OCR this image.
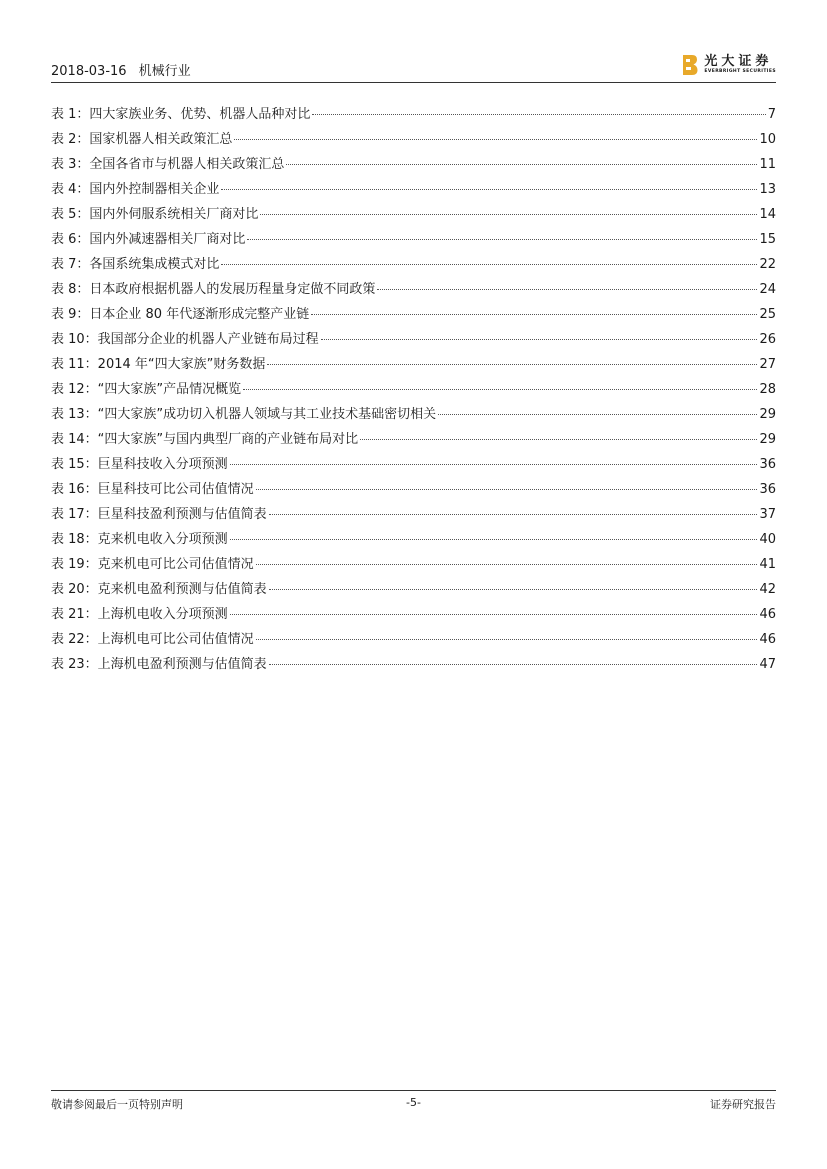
2018-03-16 机械行业
光大证券
EVERBRIGHT SECURITIES
表 1：四大家族业务、优势、机器人品种对比	7
表 2：国家机器人相关政策汇总	10
表 3：全国各省市与机器人相关政策汇总	11
表 4：国内外控制器相关企业	13
表 5：国内外伺服系统相关厂商对比	14
表 6：国内外减速器相关厂商对比	15
表 7：各国系统集成模式对比	22
表 8：日本政府根据机器人的发展历程量身定做不同政策	24
表 9：日本企业 80 年代逐渐形成完整产业链	25
表 10：我国部分企业的机器人产业链布局过程	26
表 11：2014 年“四大家族”财务数据	27
表 12：“四大家族”产品情况概览	28
表 13：“四大家族”成功切入机器人领域与其工业技术基础密切相关	29
表 14：“四大家族”与国内典型厂商的产业链布局对比	29
表 15：巨星科技收入分项预测	36
表 16：巨星科技可比公司估值情况	36
表 17：巨星科技盈利预测与估值简表	37
表 18：克来机电收入分项预测	40
表 19：克来机电可比公司估值情况	41
表 20：克来机电盈利预测与估值简表	42
表 21：上海机电收入分项预测	46
表 22：上海机电可比公司估值情况	46
表 23：上海机电盈利预测与估值简表	47
敬请参阅最后一页特别声明	-5-	证券研究报告
